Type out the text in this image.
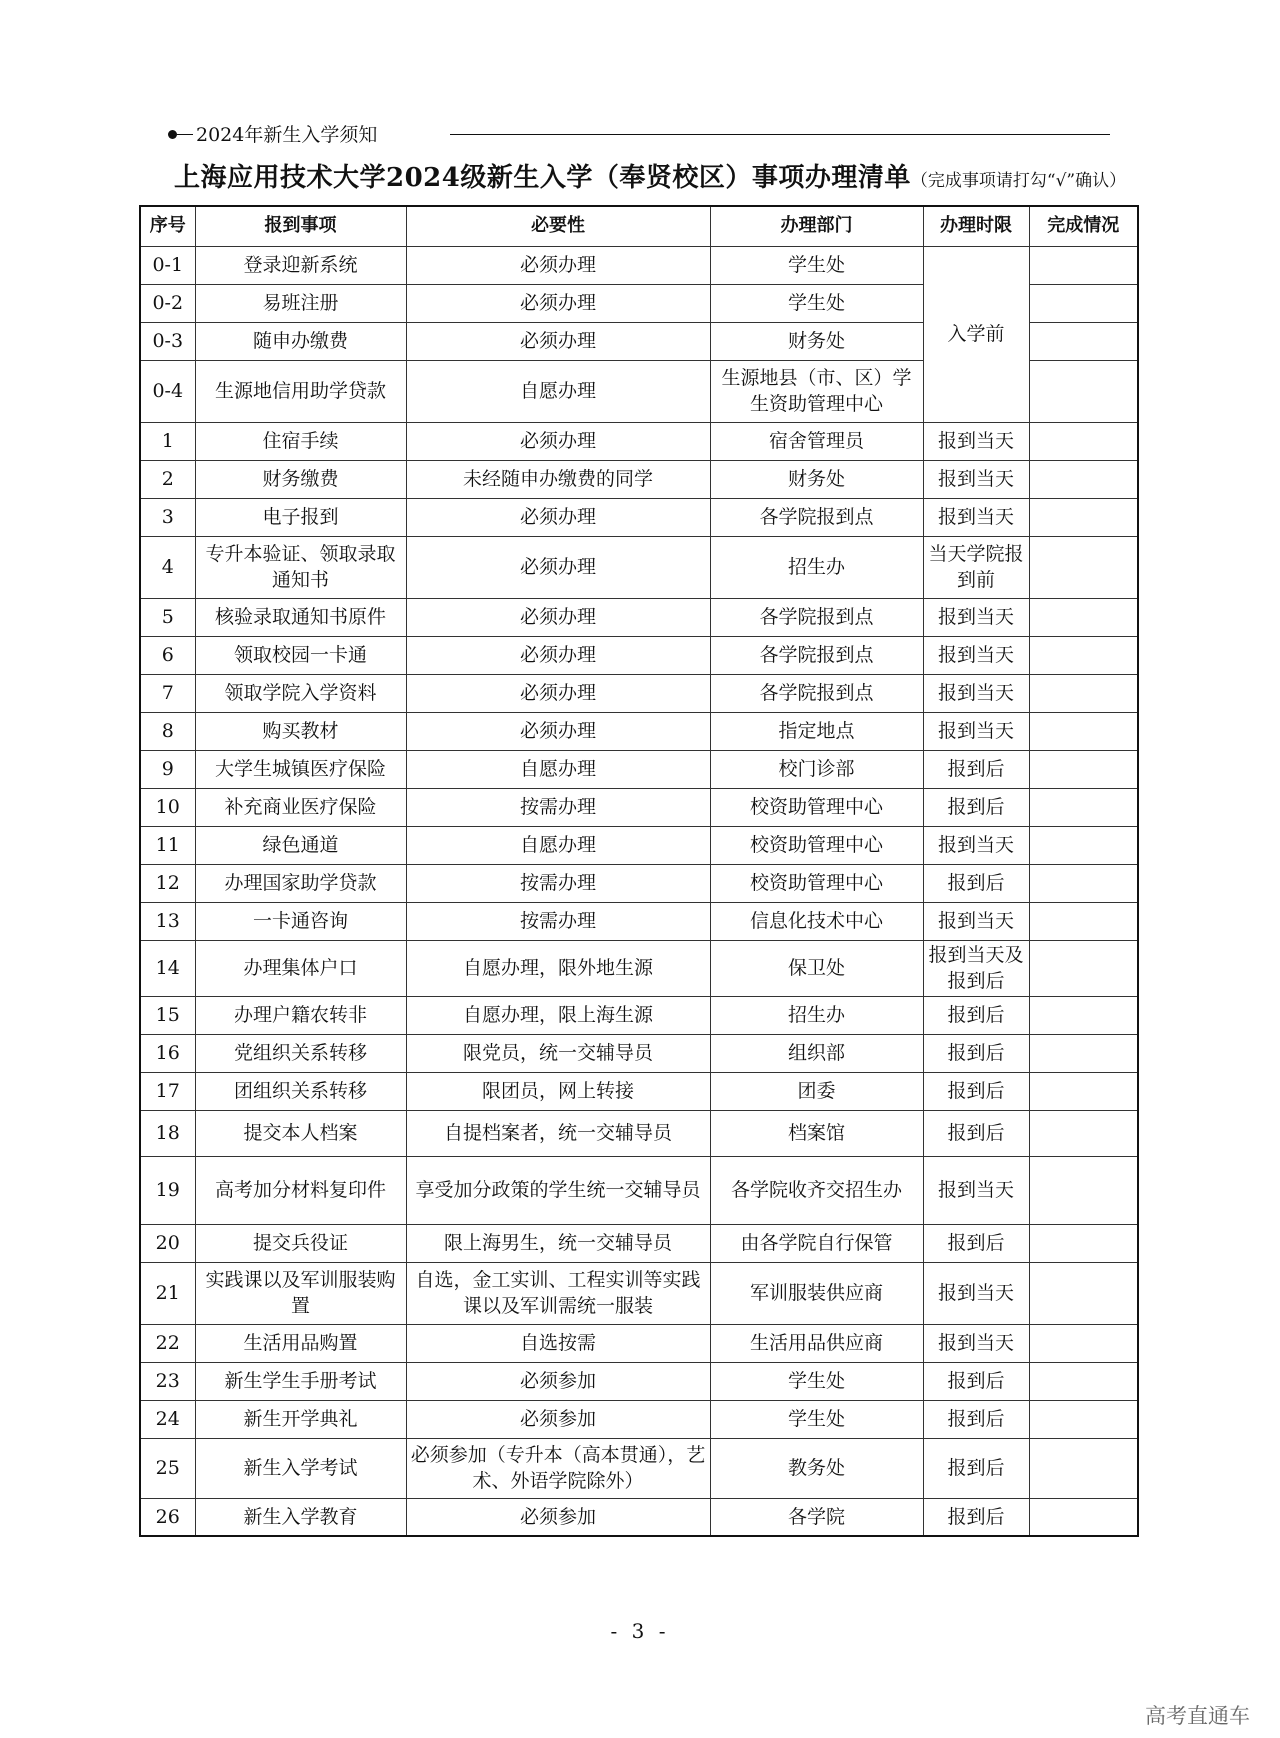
2024年新生入学须知
上海应用技术大学2024级新生入学（奉贤校区）事项办理清单（完成事项请打勾“√”确认）
序号	报到事项	必要性	办理部门	办理时限	完成情况
0-1	登录迎新系统	必须办理	学生处	入学前	
0-2	易班注册	必须办理	学生处		
0-3	随申办缴费	必须办理	财务处		
0-4	生源地信用助学贷款	自愿办理	生源地县（市、区）学生资助管理中心		
1	住宿手续	必须办理	宿舍管理员	报到当天	
2	财务缴费	未经随申办缴费的同学	财务处	报到当天	
3	电子报到	必须办理	各学院报到点	报到当天	
4	专升本验证、领取录取通知书	必须办理	招生办	当天学院报到前	
5	核验录取通知书原件	必须办理	各学院报到点	报到当天	
6	领取校园一卡通	必须办理	各学院报到点	报到当天	
7	领取学院入学资料	必须办理	各学院报到点	报到当天	
8	购买教材	必须办理	指定地点	报到当天	
9	大学生城镇医疗保险	自愿办理	校门诊部	报到后	
10	补充商业医疗保险	按需办理	校资助管理中心	报到后	
11	绿色通道	自愿办理	校资助管理中心	报到当天	
12	办理国家助学贷款	按需办理	校资助管理中心	报到后	
13	一卡通咨询	按需办理	信息化技术中心	报到当天	
14	办理集体户口	自愿办理，限外地生源	保卫处	报到当天及报到后	
15	办理户籍农转非	自愿办理，限上海生源	招生办	报到后	
16	党组织关系转移	限党员，统一交辅导员	组织部	报到后	
17	团组织关系转移	限团员，网上转接	团委	报到后	
18	提交本人档案	自提档案者，统一交辅导员	档案馆	报到后	
19	高考加分材料复印件	享受加分政策的学生统一交辅导员	各学院收齐交招生办	报到当天	
20	提交兵役证	限上海男生，统一交辅导员	由各学院自行保管	报到后	
21	实践课以及军训服装购置	自选，金工实训、工程实训等实践课以及军训需统一服装	军训服装供应商	报到当天	
22	生活用品购置	自选按需	生活用品供应商	报到当天	
23	新生学生手册考试	必须参加	学生处	报到后	
24	新生开学典礼	必须参加	学生处	报到后	
25	新生入学考试	必须参加（专升本（高本贯通），艺术、外语学院除外）	教务处	报到后	
26	新生入学教育	必须参加	各学院	报到后	
- 3 -
高考直通车
